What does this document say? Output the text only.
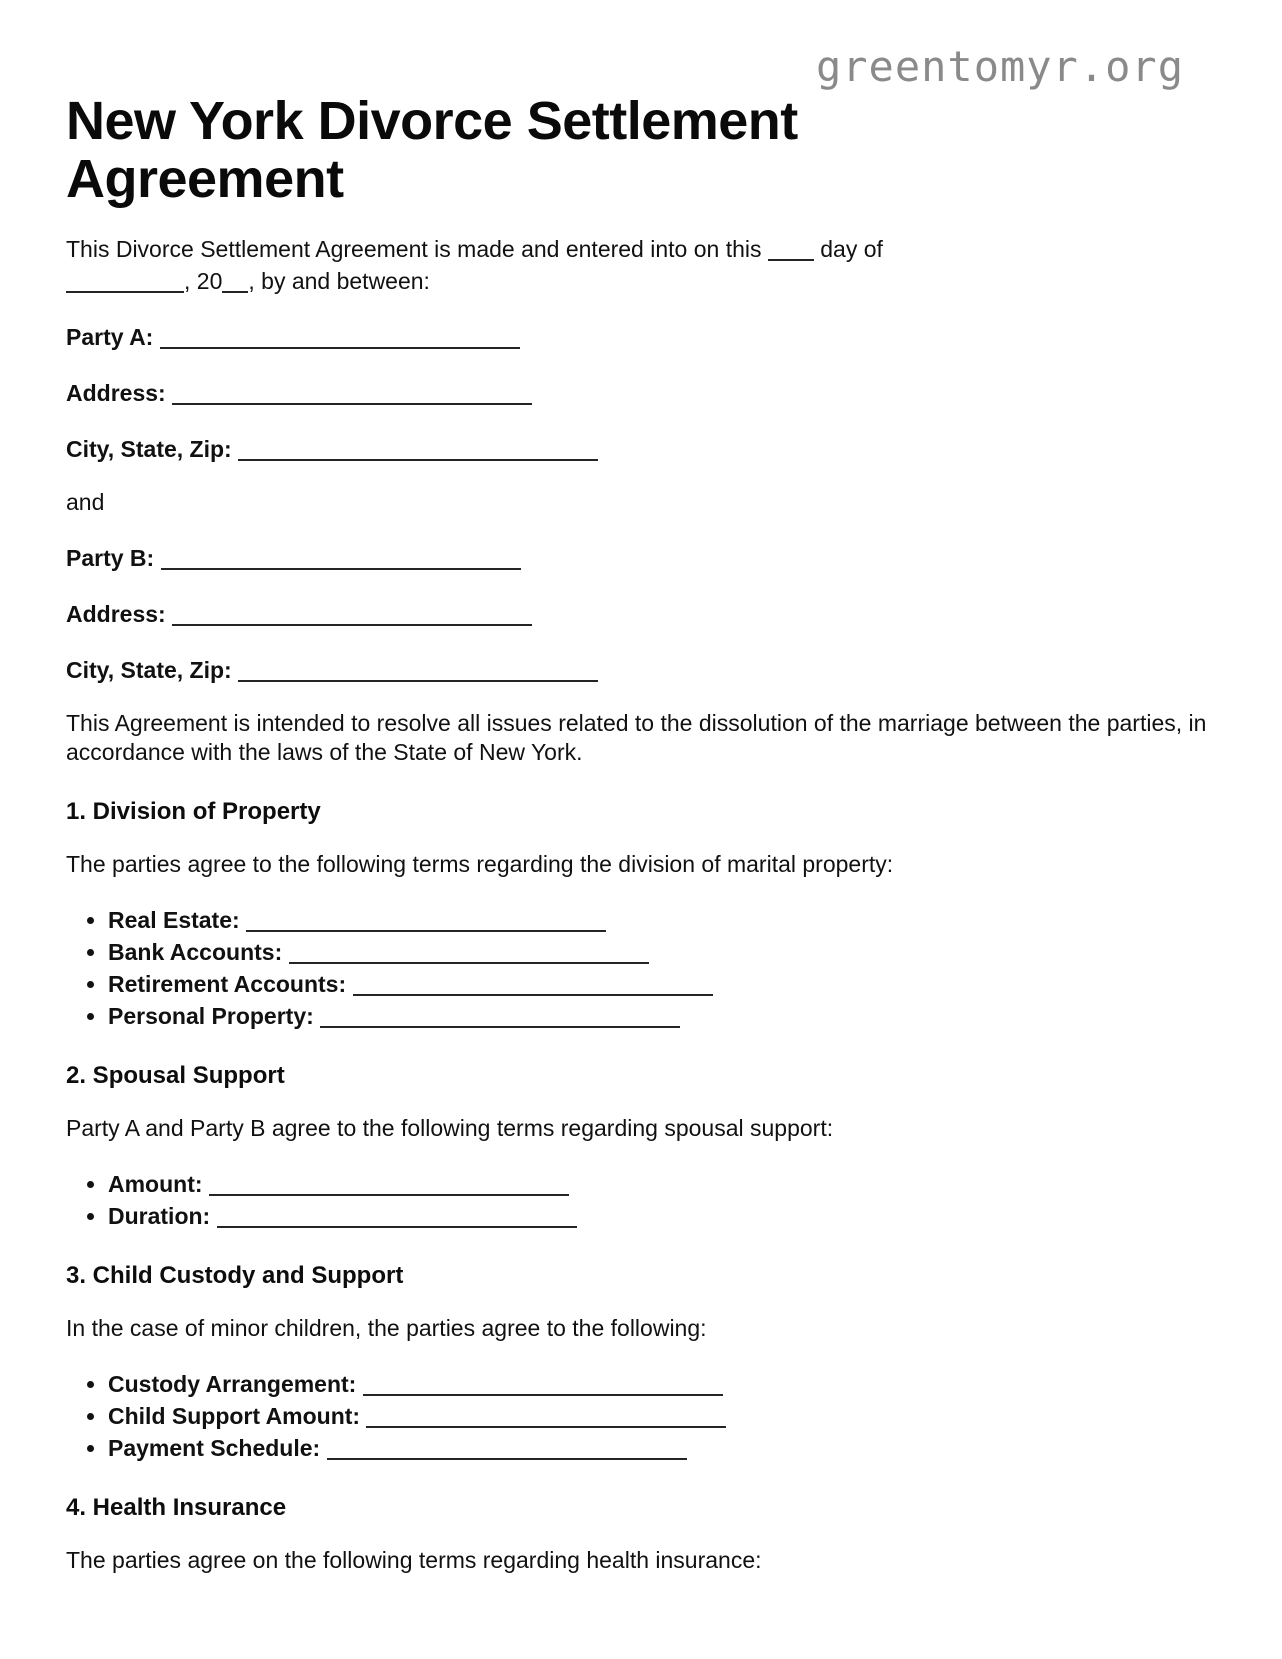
greentomyr.org
New York Divorce Settlement Agreement

This Divorce Settlement Agreement is made and entered into on this	day of
, 20 , by and between:

Party A:

Address:

City, State, Zip:

and

Party B:

Address:

City, State, Zip:

This Agreement is intended to resolve all issues related to the dissolution of the marriage between the parties, in accordance with the laws of the State of New York.

1. Division of Property

The parties agree to the following terms regarding the division of marital property:

• Real Estate:
• Bank Accounts:
• Retirement Accounts:
• Personal Property:
2. Spousal Support

Party A and Party B agree to the following terms regarding spousal support:

• Amount:
• Duration:
3. Child Custody and Support

In the case of minor children, the parties agree to the following:

• Custody Arrangement:
• Child Support Amount:
• Payment Schedule:
4. Health Insurance

The parties agree on the following terms regarding health insurance:
